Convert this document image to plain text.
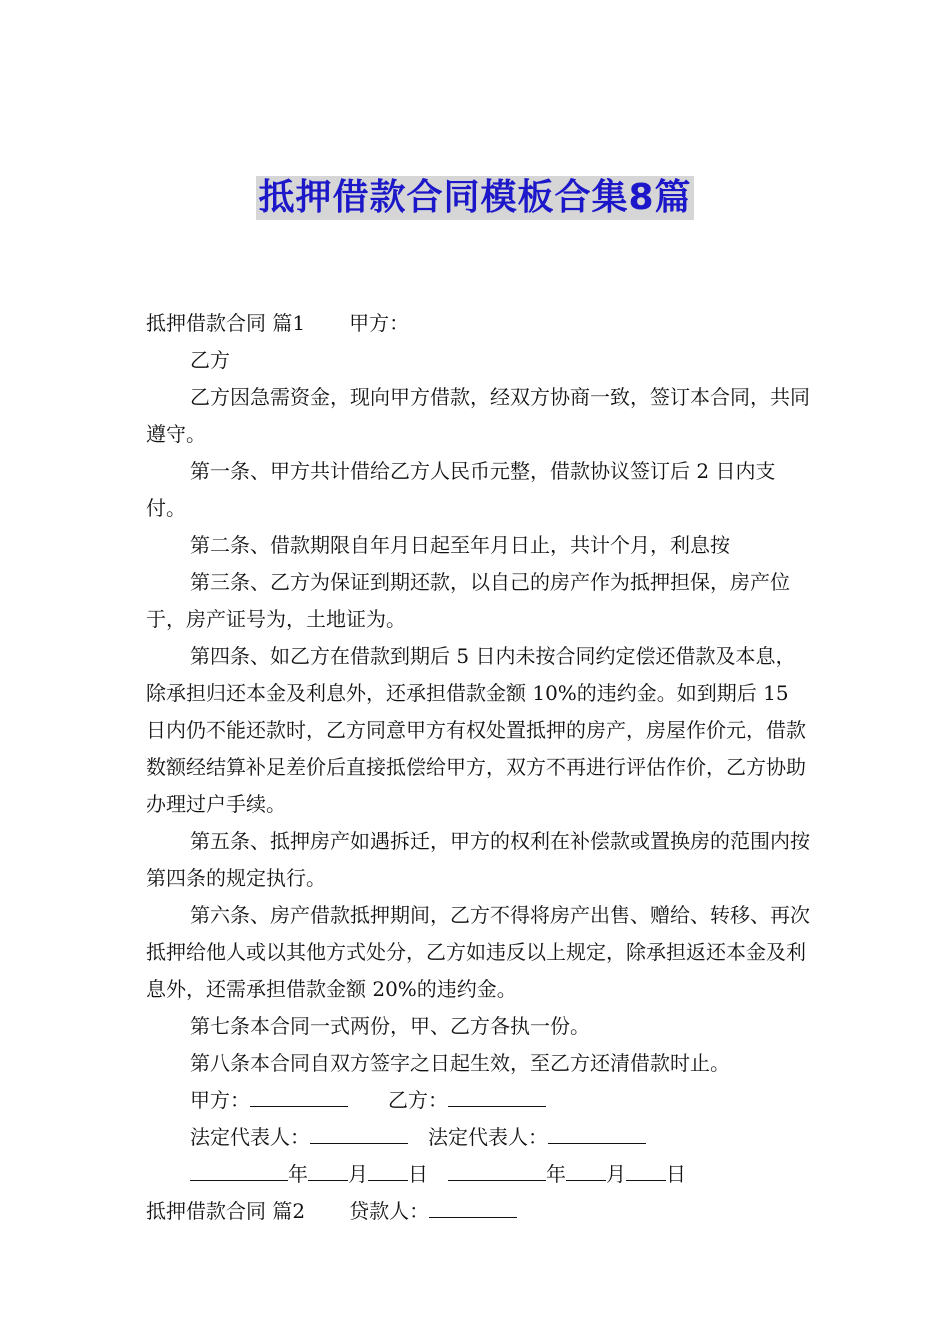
抵押借款合同模板合集8篇
抵押借款合同 篇1 甲方：
乙方

乙方因急需资金，现向甲方借款，经双方协商一致，签订本合同，共同遵守。

第一条、甲方共计借给乙方人民币元整，借款协议签订后 2 日内支付。

第二条、借款期限自年月日起至年月日止，共计个月，利息按

第三条、乙方为保证到期还款，以自己的房产作为抵押担保，房产位于，房产证号为，土地证为。

第四条、如乙方在借款到期后 5 日内未按合同约定偿还借款及本息，除承担归还本金及利息外，还承担借款金额 10%的违约金。如到期后 15 日内仍不能还款时，乙方同意甲方有权处置抵押的房产，房屋作价元，借款数额经结算补足差价后直接抵偿给甲方，双方不再进行评估作价，乙方协助办理过户手续。

第五条、抵押房产如遇拆迁，甲方的权利在补偿款或置换房的范围内按第四条的规定执行。

第六条、房产借款抵押期间，乙方不得将房产出售、赠给、转移、再次抵押给他人或以其他方式处分，乙方如违反以上规定，除承担返还本金及利息外，还需承担借款金额 20%的违约金。

第七条本合同一式两份，甲、乙方各执一份。

第八条本合同自双方签字之日起生效，至乙方还清借款时止。

甲方：	乙方：
法定代表人：	法定代表人：
年 月 日	年 月 日
抵押借款合同 篇2 贷款人：
